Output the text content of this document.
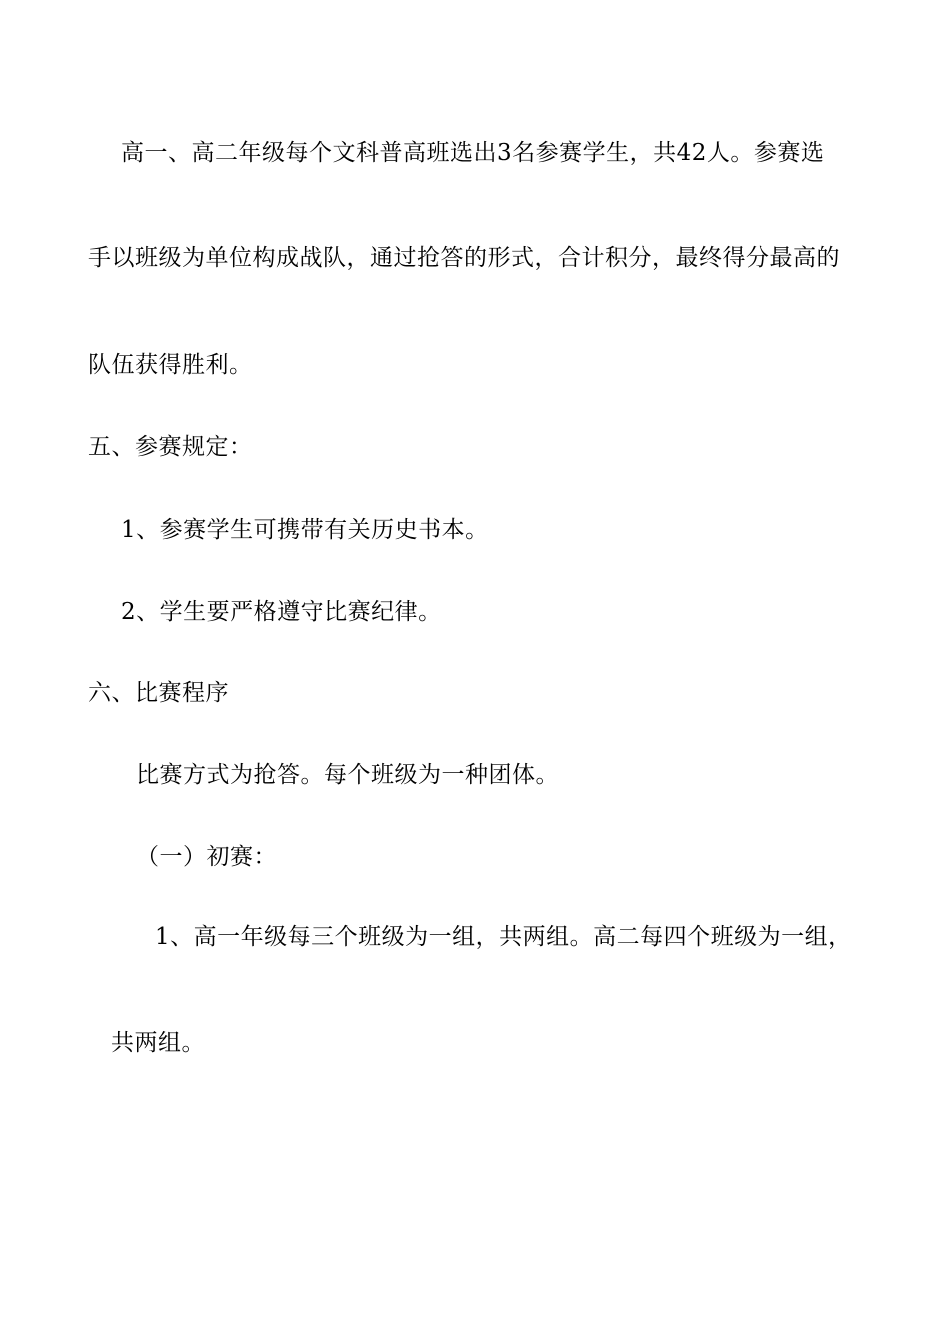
高一、高二年级每个文科普高班选出3名参赛学生，共42人。参赛选
手以班级为单位构成战队，通过抢答的形式，合计积分，最终得分最高的
队伍获得胜利。
五、参赛规定：
1、参赛学生可携带有关历史书本。
2、学生要严格遵守比赛纪律。
六、比赛程序
比赛方式为抢答。每个班级为一种团体。
（一）初赛：
1、高一年级每三个班级为一组，共两组。高二每四个班级为一组，
共两组。
